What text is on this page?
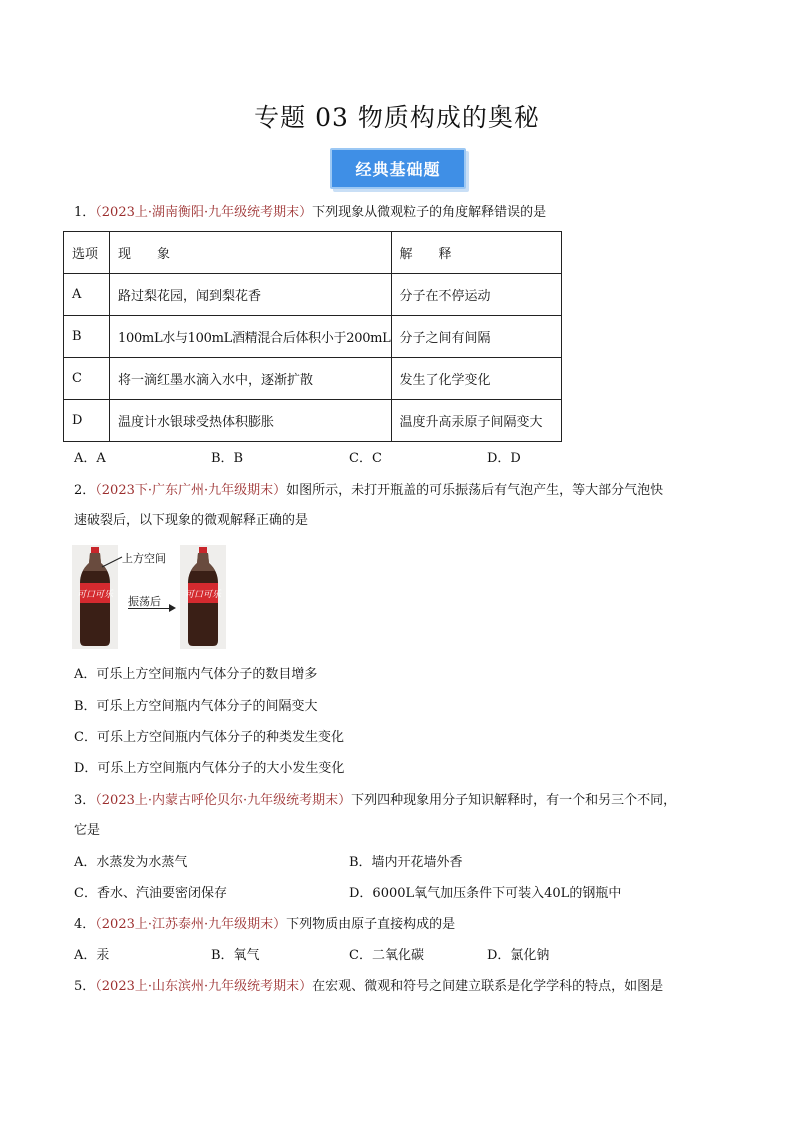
专题 03 物质构成的奥秘
经典基础题
1．（2023上·湖南衡阳·九年级统考期末）下列现象从微观粒子的角度解释错误的是
选项	现　　象	解　　释
A	路过梨花园，闻到梨花香	分子在不停运动
B	100mL水与100mL酒精混合后体积小于200mL	分子之间有间隔
C	将一滴红墨水滴入水中，逐渐扩散	发生了化学变化
D	温度计水银球受热体积膨胀	温度升高汞原子间隔变大
A．A	B．B	C．C	D．D
2．（2023下·广东广州·九年级期末）如图所示，未打开瓶盖的可乐振荡后有气泡产生，等大部分气泡快
速破裂后，以下现象的微观解释正确的是
可口可乐 振荡后
上方空间
可口可乐
A．可乐上方空间瓶内气体分子的数目增多
B．可乐上方空间瓶内气体分子的间隔变大
C．可乐上方空间瓶内气体分子的种类发生变化
D．可乐上方空间瓶内气体分子的大小发生变化
3．（2023上·内蒙古呼伦贝尔·九年级统考期末）下列四种现象用分子知识解释时，有一个和另三个不同，
它是
A．水蒸发为水蒸气	B．墙内开花墙外香
C．香水、汽油要密闭保存	D．6000L氧气加压条件下可装入40L的钢瓶中
4．（2023上·江苏泰州·九年级期末）下列物质由原子直接构成的是
A．汞	B．氧气	C．二氧化碳	D．氯化钠
5．（2023上·山东滨州·九年级统考期末）在宏观、微观和符号之间建立联系是化学学科的特点，如图是
